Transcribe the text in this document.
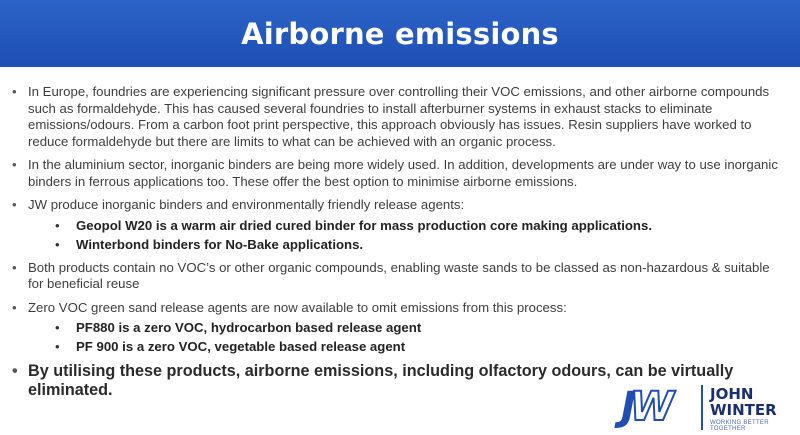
Airborne emissions
• In Europe, foundries are experiencing significant pressure over controlling their VOC emissions, and other airborne compounds such as formaldehyde. This has caused several foundries to install afterburner systems in exhaust stacks to eliminate emissions/odours. From a carbon foot print perspective, this approach obviously has issues. Resin suppliers have worked to reduce formaldehyde but there are limits to what can be achieved with an organic process.
• In the aluminium sector, inorganic binders are being more widely used. In addition, developments are under way to use inorganic binders in ferrous applications too. These offer the best option to minimise airborne emissions.
• JW produce inorganic binders and environmentally friendly release agents:
• Geopol W20 is a warm air dried cured binder for mass production core making applications.
• Winterbond binders for No-Bake applications.
• Both products contain no VOC’s or other organic compounds, enabling waste sands to be classed as non-hazardous & suitable for beneficial reuse
• Zero VOC green sand release agents are now available to omit emissions from this process:
• PF880 is a zero VOC, hydrocarbon based release agent
• PF 900 is a zero VOC, vegetable based release agent
• By utilising these products, airborne emissions, including olfactory odours, can be virtually eliminated.	JW	JOHN
WINTER
WORKING BETTER TOGETHER
